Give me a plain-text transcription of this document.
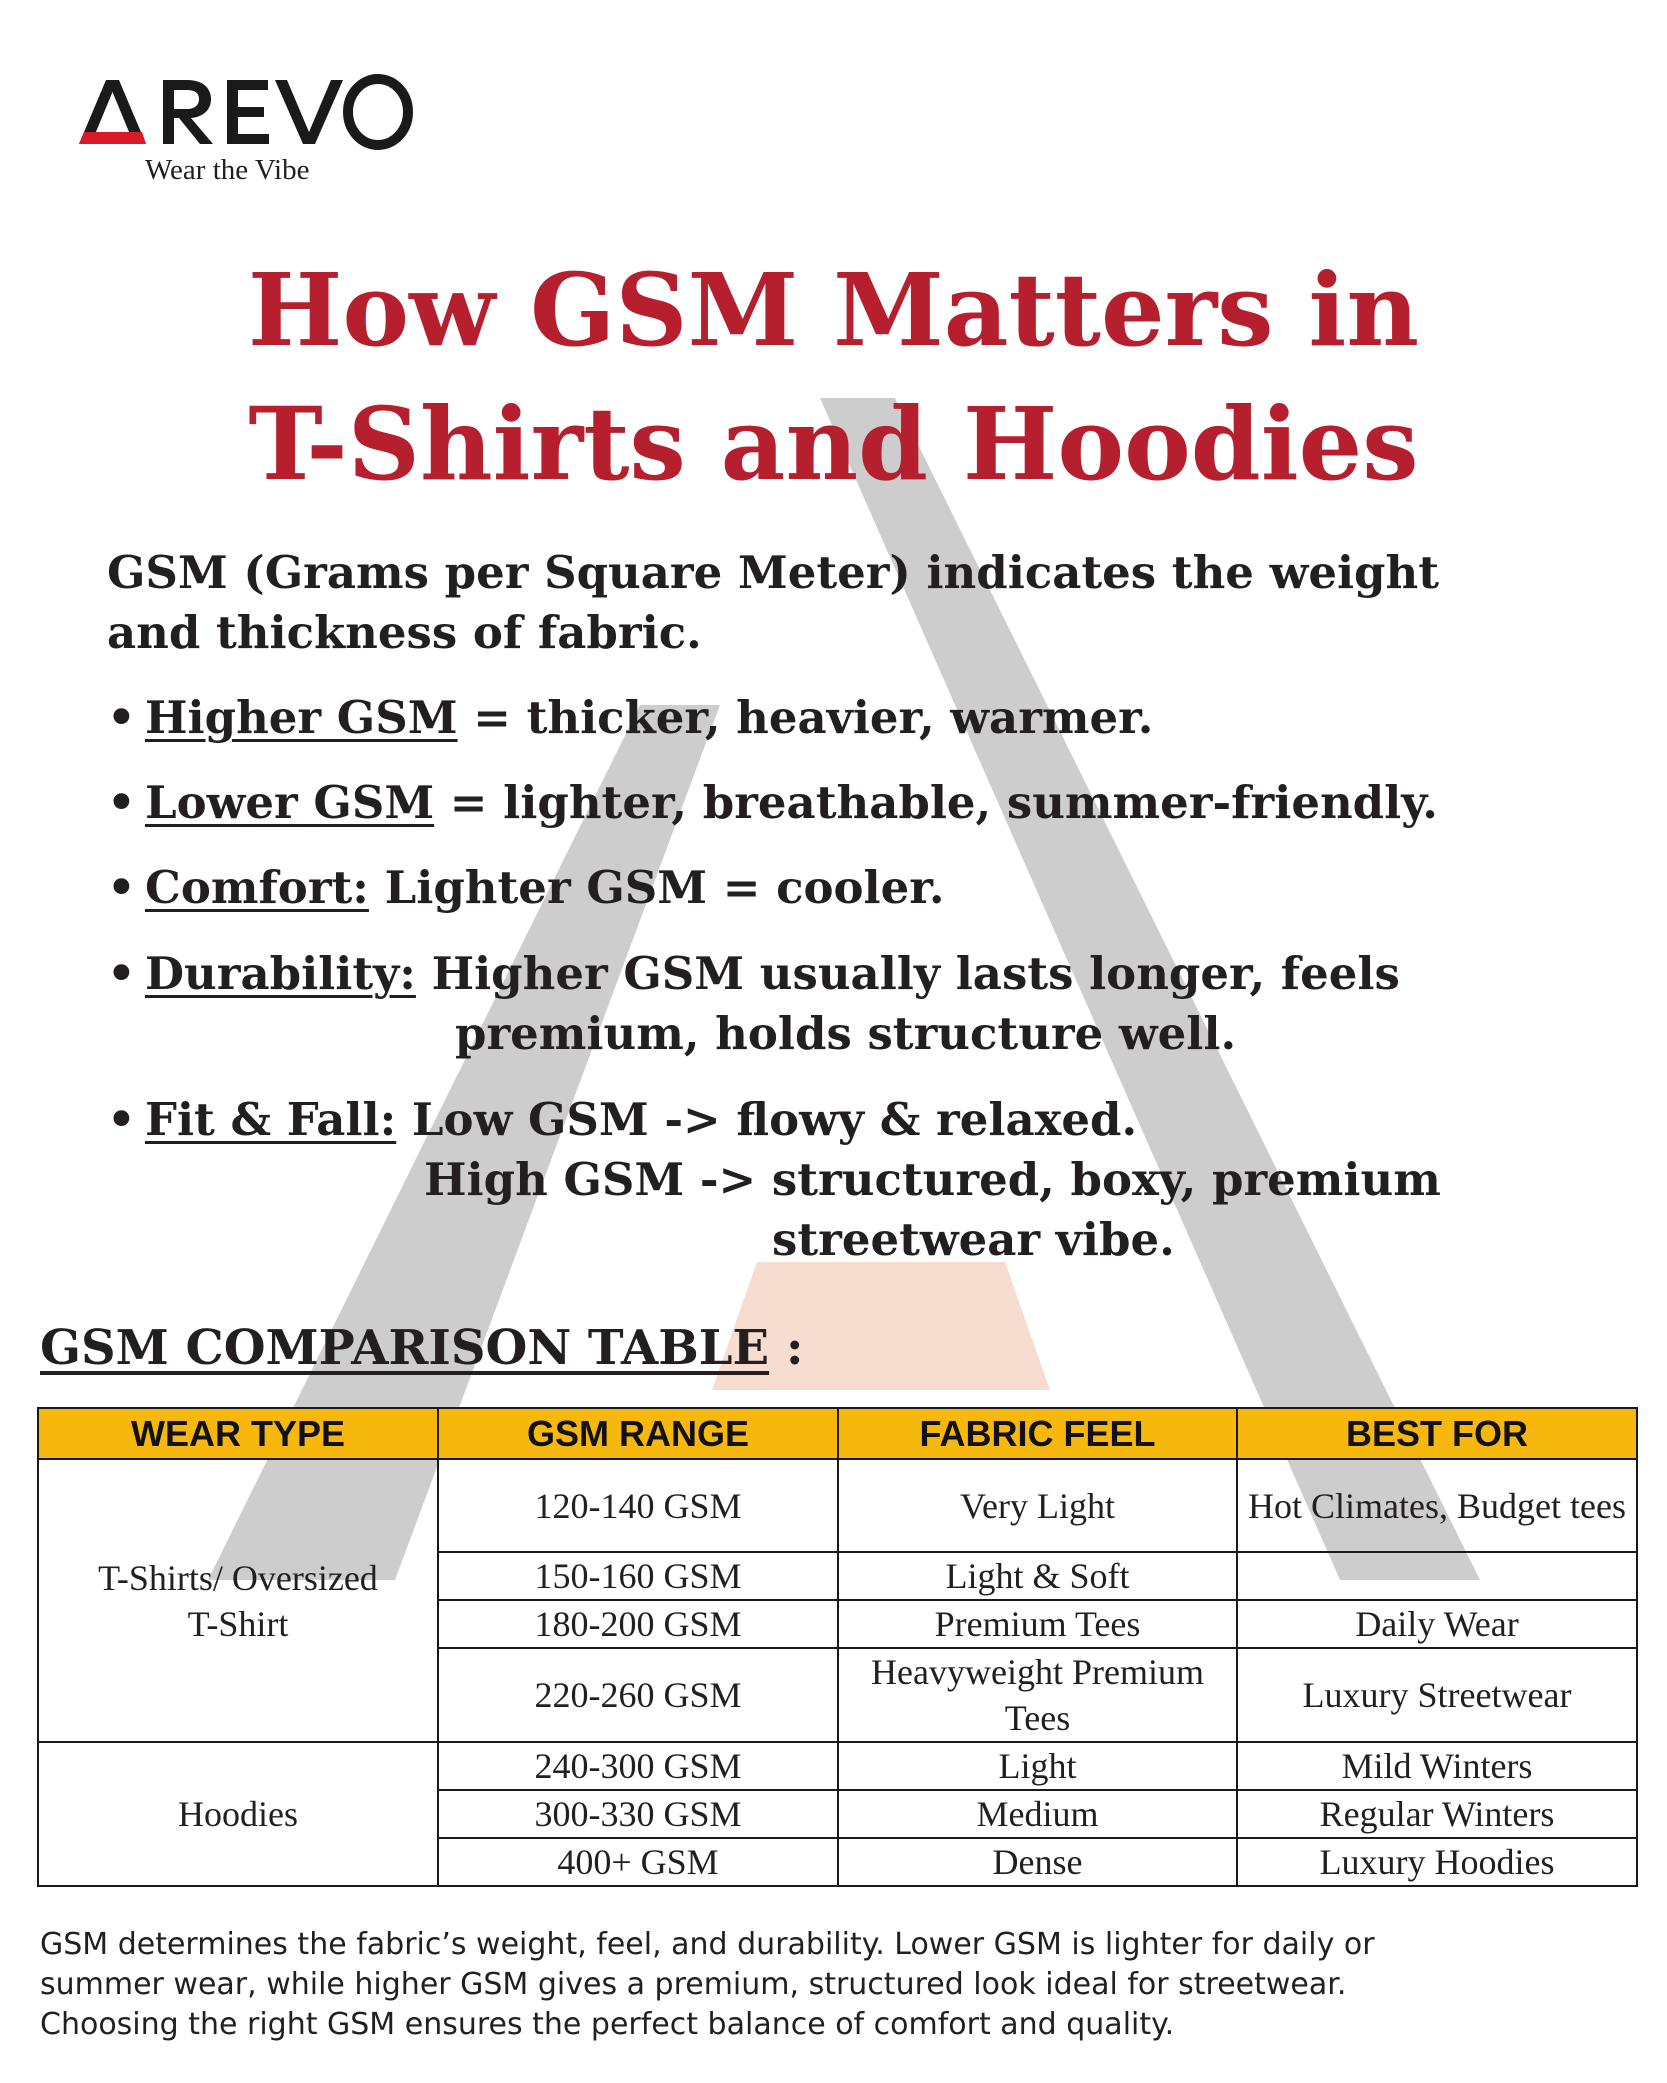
Wear the Vibe
How GSM Matters in
T-Shirts and Hoodies
GSM (Grams per Square Meter) indicates the weight
and thickness of fabric.
• Higher GSM = thicker, heavier, warmer.
• Lower GSM = lighter, breathable, summer-friendly.
• Comfort: Lighter GSM = cooler.
• Durability: Higher GSM usually lasts longer, feels
premium, holds structure well.
• Fit & Fall: Low GSM -> flowy & relaxed.
High GSM -> structured, boxy, premium
streetwear vibe.
GSM COMPARISON TABLE :
WEAR TYPE	GSM RANGE	FABRIC FEEL	BEST FOR

T-Shirts/ Oversized T-Shirt	120-140 GSM	Very Light	Hot Climates, Budget tees
	150-160 GSM	Light & Soft	
	180-200 GSM	Premium Tees	Daily Wear
	220-260 GSM	Heavyweight Premium Tees	Luxury Streetwear
Hoodies	240-300 GSM	Light	Mild Winters
	300-330 GSM	Medium	Regular Winters
	400+ GSM	Dense	Luxury Hoodies
GSM determines the fabric’s weight, feel, and durability. Lower GSM is lighter for daily or
summer wear, while higher GSM gives a premium, structured look ideal for streetwear.
Choosing the right GSM ensures the perfect balance of comfort and quality.
